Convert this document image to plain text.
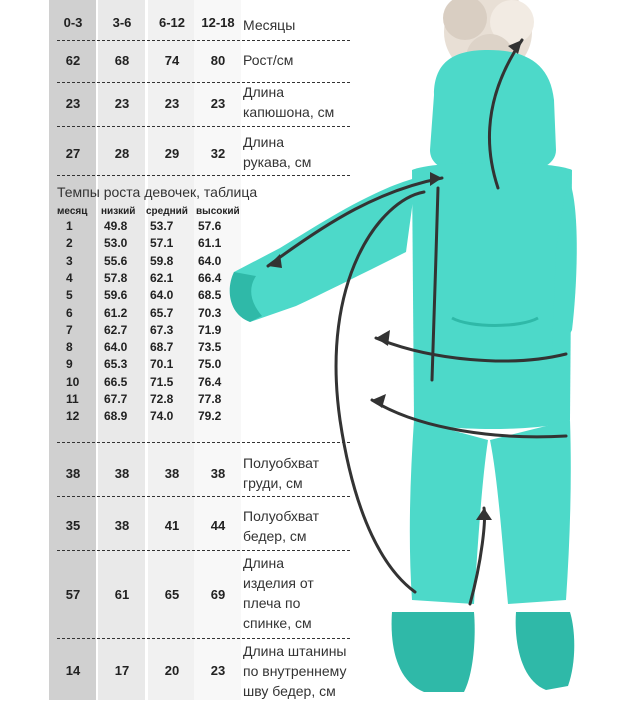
0-3	3-6	6-12	12-18 Месяцы
62	68	74	80	Рост/см
23	23	23	23
Длина
капюшона, см
27	28	29	32
Длина
рукава, см
38	38	38	38
Полуобхват
груди, см
35	38	41	44
Полуобхват
бедер, см
57	61	65	69
Длина
изделия от
плеча по
спинке, см
14	17	20	23
Длина штанины
по внутреннему
шву бедер, см
Темпы роста девочек, таблица
месяц низкий средний высокий
1	49.8 53.7 57.6
2	53.0 57.1 61.1
3	55.6 59.8 64.0
4	57.8 62.1 66.4
5	59.6 64.0 68.5
6	61.2 65.7 70.3
7	62.7 67.3 71.9
8	64.0 68.7 73.5
9	65.3 70.1 75.0
10 66.5 71.5 76.4
11 67.7 72.8 77.8
12 68.9 74.0 79.2
